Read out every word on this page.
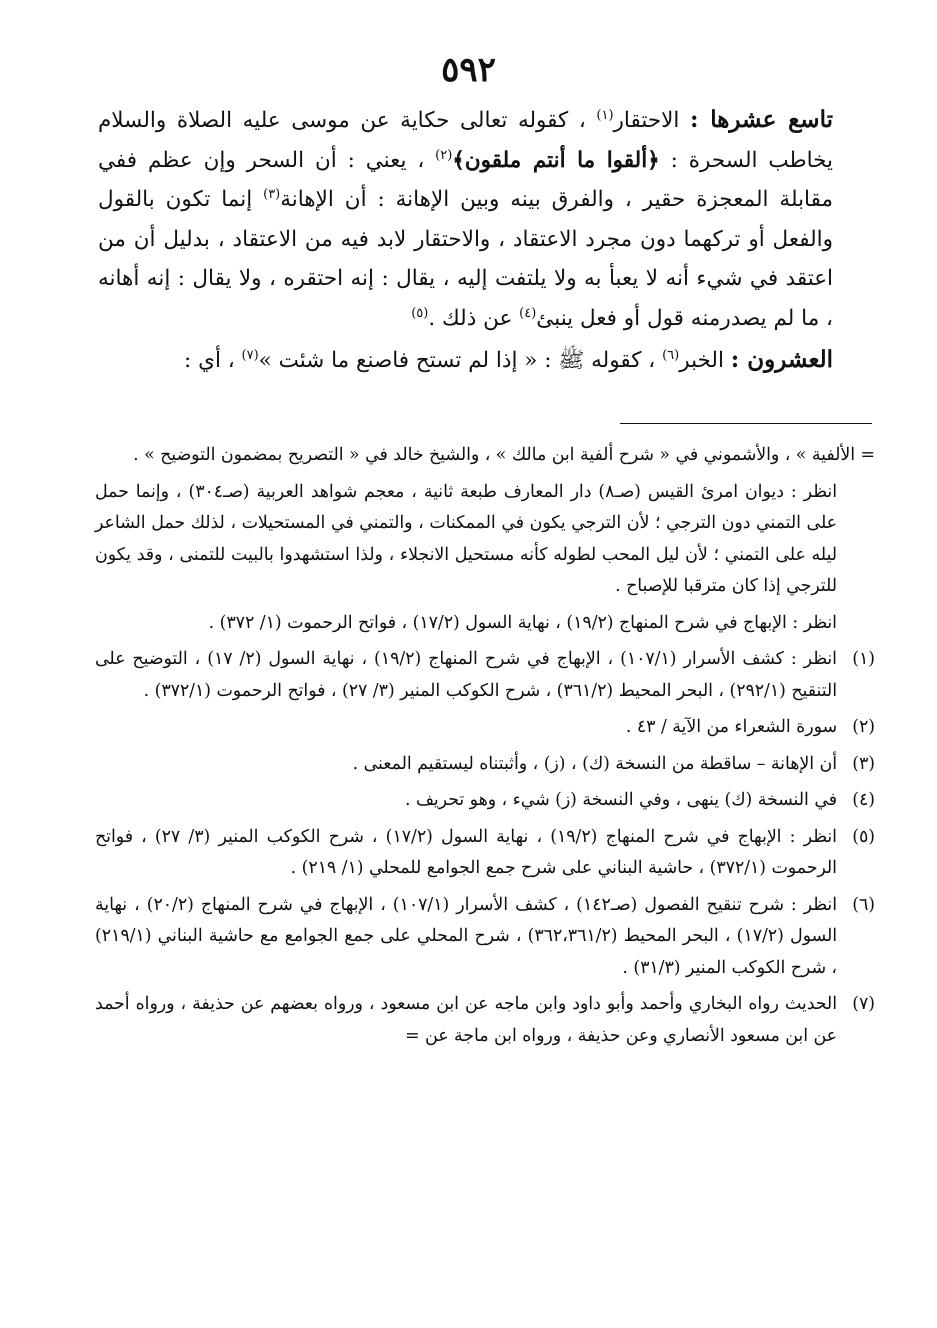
٥٩٢

تاسع عشرها : الاحتقار$^{(١)}$ ، كقوله تعالى حكاية عن موسى عليه الصلاة والسلام يخاطب السحرة : ﴿ألقوا ما أنتم ملقون﴾$^{(٢)}$ ، يعني : أن السحر وإن عظم ففي مقابلة المعجزة حقير ، والفرق بينه وبين الإهانة : أن الإهانة$^{(٣)}$ إنما تكون بالقول والفعل أو تركهما دون مجرد الاعتقاد ، والاحتقار لابد فيه من الاعتقاد ، بدليل أن من اعتقد في شيء أنه لا يعبأ به ولا يلتفت إليه ، يقال : إنه احتقره ، ولا يقال : إنه أهانه ، ما لم يصدرمنه قول أو فعل ينبئ$^{(٤)}$ عن ذلك .$^{(٥)}$

العشرون : الخبر$^{(٦)}$ ، كقوله ﷺ : « إذا لم تستح فاصنع ما شئت »$^{(٧)}$ ، أي :

= الألفية » ، والأشموني في « شرح ألفية ابن مالك » ، والشيخ خالد في « التصريح بمضمون التوضيح » .

انظر : ديوان امرئ القيس (صـ٨) دار المعارف طبعة ثانية ، معجم شواهد العربية (صـ٣٠٤) ، وإنما حمل على التمني دون الترجي ؛ لأن الترجي يكون في الممكنات ، والتمني في المستحيلات ، لذلك حمل الشاعر ليله على التمني ؛ لأن ليل المحب لطوله كأنه مستحيل الانجلاء ، ولذا استشهدوا بالبيت للتمنى ، وقد يكون للترجي إذا كان مترقبا للإصباح .

انظر : الإبهاج في شرح المنهاج (١٩/٢) ، نهاية السول (١٧/٢) ، فواتح الرحموت (١/ ٣٧٢) .

(١)
انظر : كشف الأسرار (١٠٧/١) ، الإبهاج في شرح المنهاج (١٩/٢) ، نهاية السول (٢/ ١٧) ، التوضيح على التنقيح (٢٩٢/١) ، البحر المحيط (٣٦١/٢) ، شرح الكوكب المنير (٣/ ٢٧) ، فواتح الرحموت (٣٧٢/١) .
(٢)
سورة الشعراء من الآية / ٤٣ .
(٣)
أن الإهانة – ساقطة من النسخة (ك) ، (ز) ، وأثبتناه ليستقيم المعنى .
(٤)
في النسخة (ك) ينهى ، وفي النسخة (ز) شيء ، وهو تحريف .
(٥)
انظر : الإبهاج في شرح المنهاج (١٩/٢) ، نهاية السول (١٧/٢) ، شرح الكوكب المنير (٣/ ٢٧) ، فواتح الرحموت (٣٧٢/١) ، حاشية البناني على شرح جمع الجوامع للمحلي (١/ ٢١٩) .
(٦)
انظر : شرح تنقيح الفصول (صـ١٤٢) ، كشف الأسرار (١٠٧/١) ، الإبهاج في شرح المنهاج (٢٠/٢) ، نهاية السول (١٧/٢) ، البحر المحيط (٣٦٢،٣٦١/٢) ، شرح المحلي على جمع الجوامع مع حاشية البناني (٢١٩/١) ، شرح الكوكب المنير (٣١/٣) .
(٧)
الحديث رواه البخاري وأحمد وأبو داود وابن ماجه عن ابن مسعود ، ورواه بعضهم عن حذيفة ، ورواه أحمد عن ابن مسعود الأنصاري وعن حذيفة ، ورواه ابن ماجة عن =
